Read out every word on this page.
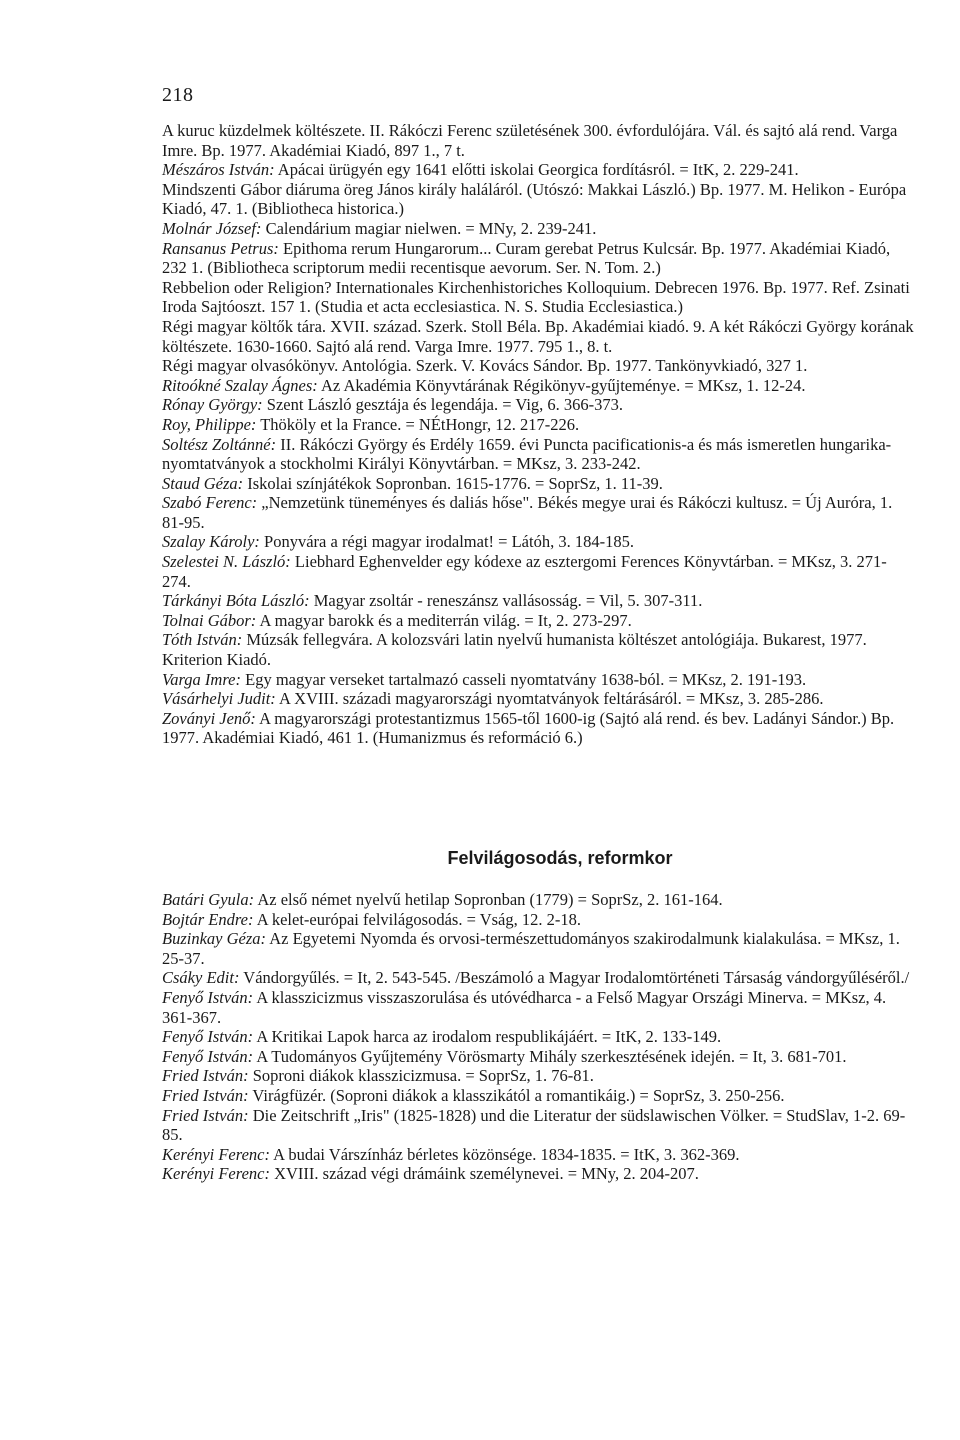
218

A kuruc küzdelmek költészete. II. Rákóczi Ferenc születésének 300. évfordulójára. Vál. és sajtó alá rend. Varga Imre. Bp. 1977. Akadémiai Kiadó, 897 1., 7 t.

Mészáros István: Apácai ürügyén egy 1641 előtti iskolai Georgica fordításról. = ItK, 2. 229-241.

Mindszenti Gábor diáruma öreg János király haláláról. (Utószó: Makkai László.) Bp. 1977. M. Helikon - Európa Kiadó, 47. 1. (Bibliotheca historica.)

Molnár József: Calendárium magiar nielwen. = MNy, 2. 239-241.

Ransanus Petrus: Epithoma rerum Hungarorum... Curam gerebat Petrus Kulcsár. Bp. 1977. Akadémiai Kiadó, 232 1. (Bibliotheca scriptorum medii recentisque aevorum. Ser. N. Tom. 2.)

Rebbelion oder Religion? Internationales Kirchenhistoriches Kolloquium. Debrecen 1976. Bp. 1977. Ref. Zsinati Iroda Sajtóoszt. 157 1. (Studia et acta ecclesiastica. N. S. Studia Ecclesiastica.)

Régi magyar költők tára. XVII. század. Szerk. Stoll Béla. Bp. Akadémiai kiadó. 9. A két Rákóczi György korának költészete. 1630-1660. Sajtó alá rend. Varga Imre. 1977. 795 1., 8. t.

Régi magyar olvasókönyv. Antológia. Szerk. V. Kovács Sándor. Bp. 1977. Tankönyvkiadó, 327 1.

Ritoókné Szalay Ágnes: Az Akadémia Könyvtárának Régikönyv-gyűjteménye. = MKsz, 1. 12-24.

Rónay György: Szent László gesztája és legendája. = Vig, 6. 366-373.

Roy, Philippe: Thököly et la France. = NÉtHongr, 12. 217-226.

Soltész Zoltánné: II. Rákóczi György és Erdély 1659. évi Puncta pacificationis-a és más ismeretlen hungarika-nyomtatványok a stockholmi Királyi Könyvtárban. = MKsz, 3. 233-242.

Staud Géza: Iskolai színjátékok Sopronban. 1615-1776. = SoprSz, 1. 11-39.

Szabó Ferenc: „Nemzetünk tüneményes és daliás hőse". Békés megye urai és Rákóczi kultusz. = Új Auróra, 1. 81-95.

Szalay Károly: Ponyvára a régi magyar irodalmat! = Látóh, 3. 184-185.

Szelestei N. László: Liebhard Eghenvelder egy kódexe az esztergomi Ferences Könyvtárban. = MKsz, 3. 271-274.

Tárkányi Bóta László: Magyar zsoltár - reneszánsz vallásosság. = Vil, 5. 307-311.

Tolnai Gábor: A magyar barokk és a mediterrán világ. = It, 2. 273-297.

Tóth István: Múzsák fellegvára. A kolozsvári latin nyelvű humanista költészet antológiája. Bukarest, 1977. Kriterion Kiadó.

Varga Imre: Egy magyar verseket tartalmazó casseli nyomtatvány 1638-ból. = MKsz, 2. 191-193.

Vásárhelyi Judit: A XVIII. századi magyarországi nyomtatványok feltárásáról. = MKsz, 3. 285-286.

Zoványi Jenő: A magyarországi protestantizmus 1565-től 1600-ig (Sajtó alá rend. és bev. Ladányi Sándor.) Bp. 1977. Akadémiai Kiadó, 461 1. (Humanizmus és reformáció 6.)

Felvilágosodás, reformkor

Batári Gyula: Az első német nyelvű hetilap Sopronban (1779) = SoprSz, 2. 161-164.

Bojtár Endre: A kelet-európai felvilágosodás. = Vság, 12. 2-18.

Buzinkay Géza: Az Egyetemi Nyomda és orvosi-természettudományos szakirodalmunk kialakulása. = MKsz, 1. 25-37.

Csáky Edit: Vándorgyűlés. = It, 2. 543-545. /Beszámoló a Magyar Irodalomtörténeti Társaság vándorgyűléséről./

Fenyő István: A klasszicizmus visszaszorulása és utóvédharca - a Felső Magyar Országi Minerva. = MKsz, 4. 361-367.

Fenyő István: A Kritikai Lapok harca az irodalom respublikájáért. = ItK, 2. 133-149.

Fenyő István: A Tudományos Gyűjtemény Vörösmarty Mihály szerkesztésének idején. = It, 3. 681-701.

Fried István: Soproni diákok klasszicizmusa. = SoprSz, 1. 76-81.

Fried István: Virágfüzér. (Soproni diákok a klasszikától a romantikáig.) = SoprSz, 3. 250-256.

Fried István: Die Zeitschrift „Iris" (1825-1828) und die Literatur der südslawischen Völker. = StudSlav, 1-2. 69-85.

Kerényi Ferenc: A budai Várszínház bérletes közönsége. 1834-1835. = ItK, 3. 362-369.

Kerényi Ferenc: XVIII. század végi drámáink személynevei. = MNy, 2. 204-207.
